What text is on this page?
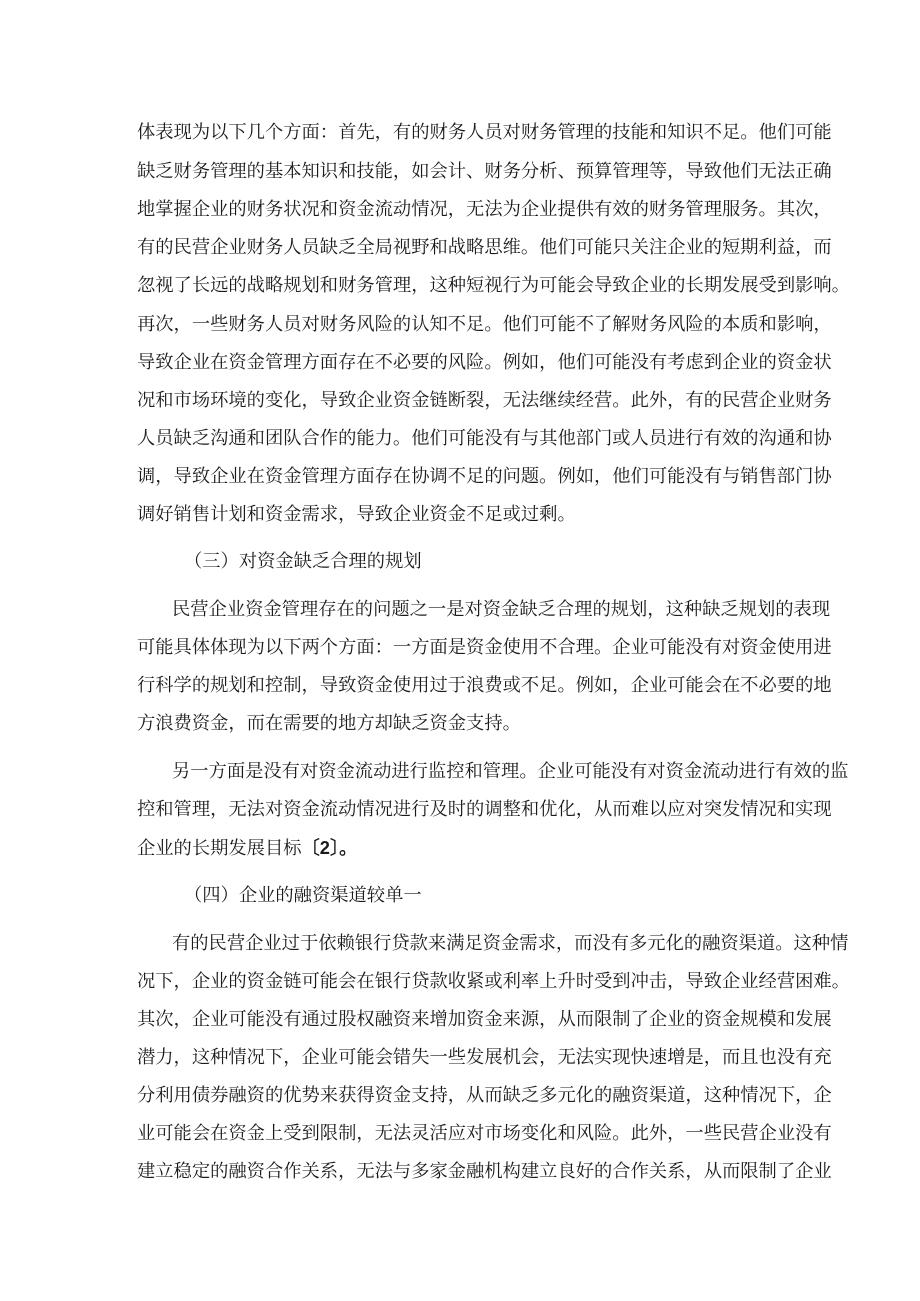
体表现为以下几个方面：首先，有的财务人员对财务管理的技能和知识不足。他们可能
缺乏财务管理的基本知识和技能，如会计、财务分析、预算管理等，导致他们无法正确
地掌握企业的财务状况和资金流动情况，无法为企业提供有效的财务管理服务。其次，
有的民营企业财务人员缺乏全局视野和战略思维。他们可能只关注企业的短期利益，而
忽视了长远的战略规划和财务管理，这种短视行为可能会导致企业的长期发展受到影响。
再次，一些财务人员对财务风险的认知不足。他们可能不了解财务风险的本质和影响，
导致企业在资金管理方面存在不必要的风险。例如，他们可能没有考虑到企业的资金状
况和市场环境的变化，导致企业资金链断裂，无法继续经营。此外，有的民营企业财务
人员缺乏沟通和团队合作的能力。他们可能没有与其他部门或人员进行有效的沟通和协
调，导致企业在资金管理方面存在协调不足的问题。例如，他们可能没有与销售部门协
调好销售计划和资金需求，导致企业资金不足或过剩。
（三）对资金缺乏合理的规划
民营企业资金管理存在的问题之一是对资金缺乏合理的规划，这种缺乏规划的表现
可能具体体现为以下两个方面：一方面是资金使用不合理。企业可能没有对资金使用进
行科学的规划和控制，导致资金使用过于浪费或不足。例如，企业可能会在不必要的地
方浪费资金，而在需要的地方却缺乏资金支持。
另一方面是没有对资金流动进行监控和管理。企业可能没有对资金流动进行有效的监
控和管理，无法对资金流动情况进行及时的调整和优化，从而难以应对突发情况和实现
企业的长期发展目标〔2〕。
（四）企业的融资渠道较单一
有的民营企业过于依赖银行贷款来满足资金需求，而没有多元化的融资渠道。这种情
况下，企业的资金链可能会在银行贷款收紧或利率上升时受到冲击，导致企业经营困难。
其次，企业可能没有通过股权融资来增加资金来源，从而限制了企业的资金规模和发展
潜力，这种情况下，企业可能会错失一些发展机会，无法实现快速增是，而且也没有充
分利用债券融资的优势来获得资金支持，从而缺乏多元化的融资渠道，这种情况下，企
业可能会在资金上受到限制，无法灵活应对市场变化和风险。此外，一些民营企业没有
建立稳定的融资合作关系，无法与多家金融机构建立良好的合作关系，从而限制了企业
